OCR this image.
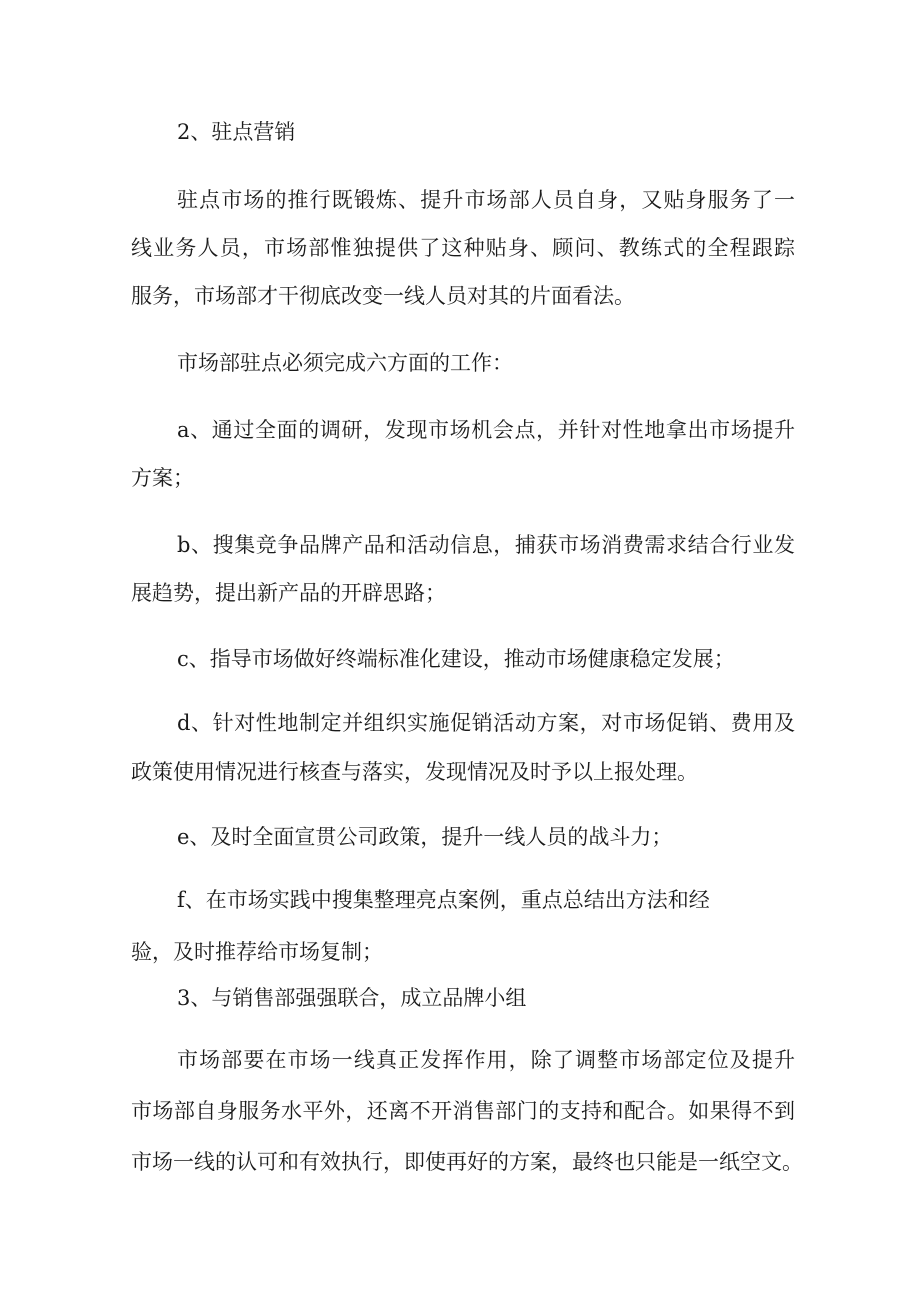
2、驻点营销

驻点市场的推行既锻炼、提升市场部人员自身，又贴身服务了一

线业务人员，市场部惟独提供了这种贴身、顾问、教练式的全程跟踪

服务，市场部才干彻底改变一线人员对其的片面看法。

市场部驻点必须完成六方面的工作：

a、通过全面的调研，发现市场机会点，并针对性地拿出市场提升

方案；

b、搜集竞争品牌产品和活动信息，捕获市场消费需求结合行业发

展趋势，提出新产品的开辟思路；

c、指导市场做好终端标准化建设，推动市场健康稳定发展；

d、针对性地制定并组织实施促销活动方案，对市场促销、费用及

政策使用情况进行核查与落实，发现情况及时予以上报处理。

e、及时全面宣贯公司政策，提升一线人员的战斗力；

f、在市场实践中搜集整理亮点案例，重点总结出方法和经

验，及时推荐给市场复制；

3、与销售部强强联合，成立品牌小组

市场部要在市场一线真正发挥作用，除了调整市场部定位及提升

市场部自身服务水平外，还离不开消售部门的支持和配合。如果得不到

市场一线的认可和有效执行，即使再好的方案，最终也只能是一纸空文。
